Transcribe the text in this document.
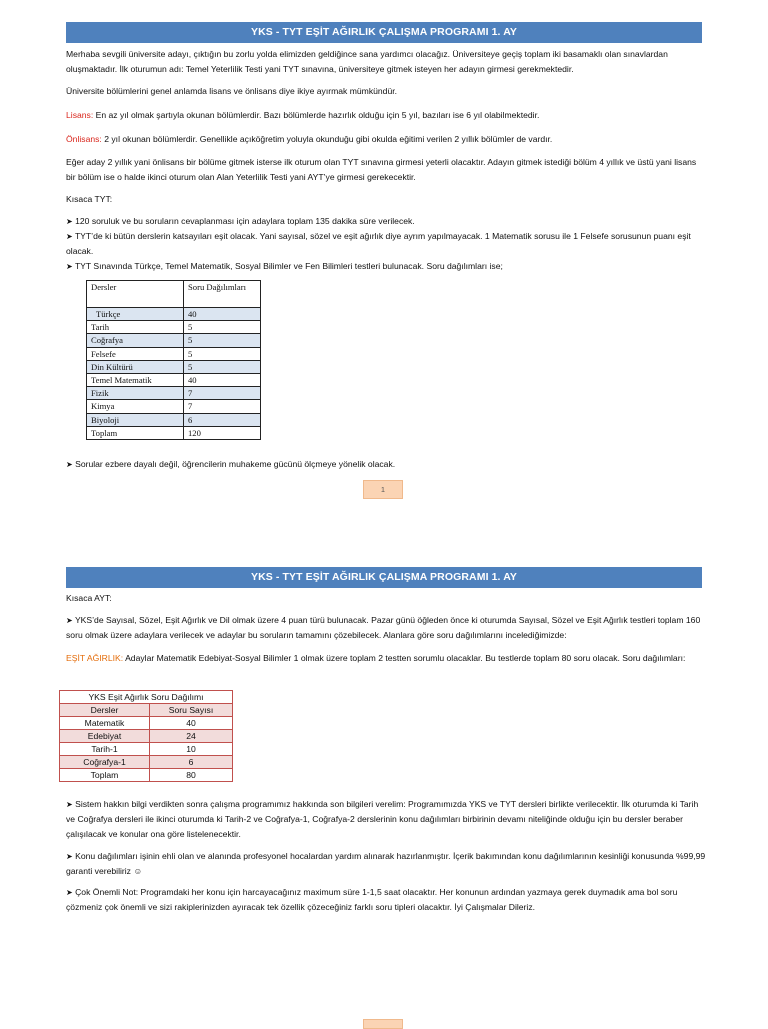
YKS - TYT EŞİT AĞIRLIK ÇALIŞMA PROGRAMI 1. AY

Merhaba sevgili üniversite adayı, çıktığın bu zorlu yolda elimizden geldiğince sana yardımcı olacağız. Üniversiteye geçiş toplam iki basamaklı olan sınavlardan oluşmaktadır. İlk oturumun adı: Temel Yeterlilik Testi yani TYT sınavına, üniversiteye gitmek isteyen her adayın girmesi gerekmektedir.

Üniversite bölümlerini genel anlamda lisans ve önlisans diye ikiye ayırmak mümkündür.

Lisans: En az yıl olmak şartıyla okunan bölümlerdir. Bazı bölümlerde hazırlık olduğu için 5 yıl, bazıları ise 6 yıl olabilmektedir.

Önlisans: 2 yıl okunan bölümlerdir. Genellikle açıköğretim yoluyla okunduğu gibi okulda eğitimi verilen 2 yıllık bölümler de vardır.

Eğer aday 2 yıllık yani önlisans bir bölüme gitmek isterse ilk oturum olan TYT sınavına girmesi yeterli olacaktır. Adayın gitmek istediği bölüm 4 yıllık ve üstü yani lisans bir bölüm ise o halde ikinci oturum olan Alan Yeterlilik Testi yani AYT’ye girmesi gerekecektir.

Kısaca TYT:

➤ 120 soruluk ve bu soruların cevaplanması için adaylara toplam 135 dakika süre verilecek.

➤ TYT’de ki bütün derslerin katsayıları eşit olacak. Yani sayısal, sözel ve eşit ağırlık diye ayrım yapılmayacak. 1 Matematik sorusu ile 1 Felsefe sorusunun puanı eşit olacak.

➤ TYT Sınavında Türkçe, Temel Matematik, Sosyal Bilimler ve Fen Bilimleri testleri bulunacak. Soru dağılımları ise;

Dersler	Soru Dağılımları
Türkçe	40
Tarih	5
Coğrafya	5
Felsefe	5
Din Kültürü	5
Temel Matematik	40
Fizik	7
Kimya	7
Biyoloji	6
Toplam	120

➤ Sorular ezbere dayalı değil, öğrencilerin muhakeme gücünü ölçmeye yönelik olacak.

1
YKS - TYT EŞİT AĞIRLIK ÇALIŞMA PROGRAMI 1. AY

Kısaca AYT:

➤ YKS’de Sayısal, Sözel, Eşit Ağırlık ve Dil olmak üzere 4 puan türü bulunacak. Pazar günü öğleden önce ki oturumda Sayısal, Sözel ve Eşit Ağırlık testleri toplam 160 soru olmak üzere adaylara verilecek ve adaylar bu soruların tamamını çözebilecek. Alanlara göre soru dağılımlarını incelediğimizde:

EŞİT AĞIRLIK: Adaylar Matematik Edebiyat-Sosyal Bilimler 1 olmak üzere toplam 2 testten sorumlu olacaklar. Bu testlerde toplam 80 soru olacak. Soru dağılımları:

YKS Eşit Ağırlık Soru Dağılımı	
Dersler	Soru Sayısı
Matematik	40
Edebiyat	24
Tarih-1	10
Coğrafya-1	6
Toplam	80

➤ Sistem hakkın bilgi verdikten sonra çalışma programımız hakkında son bilgileri verelim: Programımızda YKS ve TYT dersleri birlikte verilecektir. İlk oturumda ki Tarih ve Coğrafya dersleri ile ikinci oturumda ki Tarih-2 ve Coğrafya-1, Coğrafya-2 derslerinin konu dağılımları birbirinin devamı niteliğinde olduğu için bu dersler beraber çalışılacak ve konular ona göre listelenecektir.

➤ Konu dağılımları işinin ehli olan ve alanında profesyonel hocalardan yardım alınarak hazırlanmıştır. İçerik bakımından konu dağılımlarının kesinliği konusunda %99,99 garanti verebiliriz ☺

➤ Çok Önemli Not: Programdaki her konu için harcayacağınız maximum süre 1-1,5 saat olacaktır. Her konunun ardından yazmaya gerek duymadık ama bol soru çözmeniz çok önemli ve sizi rakiplerinizden ayıracak tek özellik çözeceğiniz farklı soru tipleri olacaktır. İyi Çalışmalar Dileriz.
